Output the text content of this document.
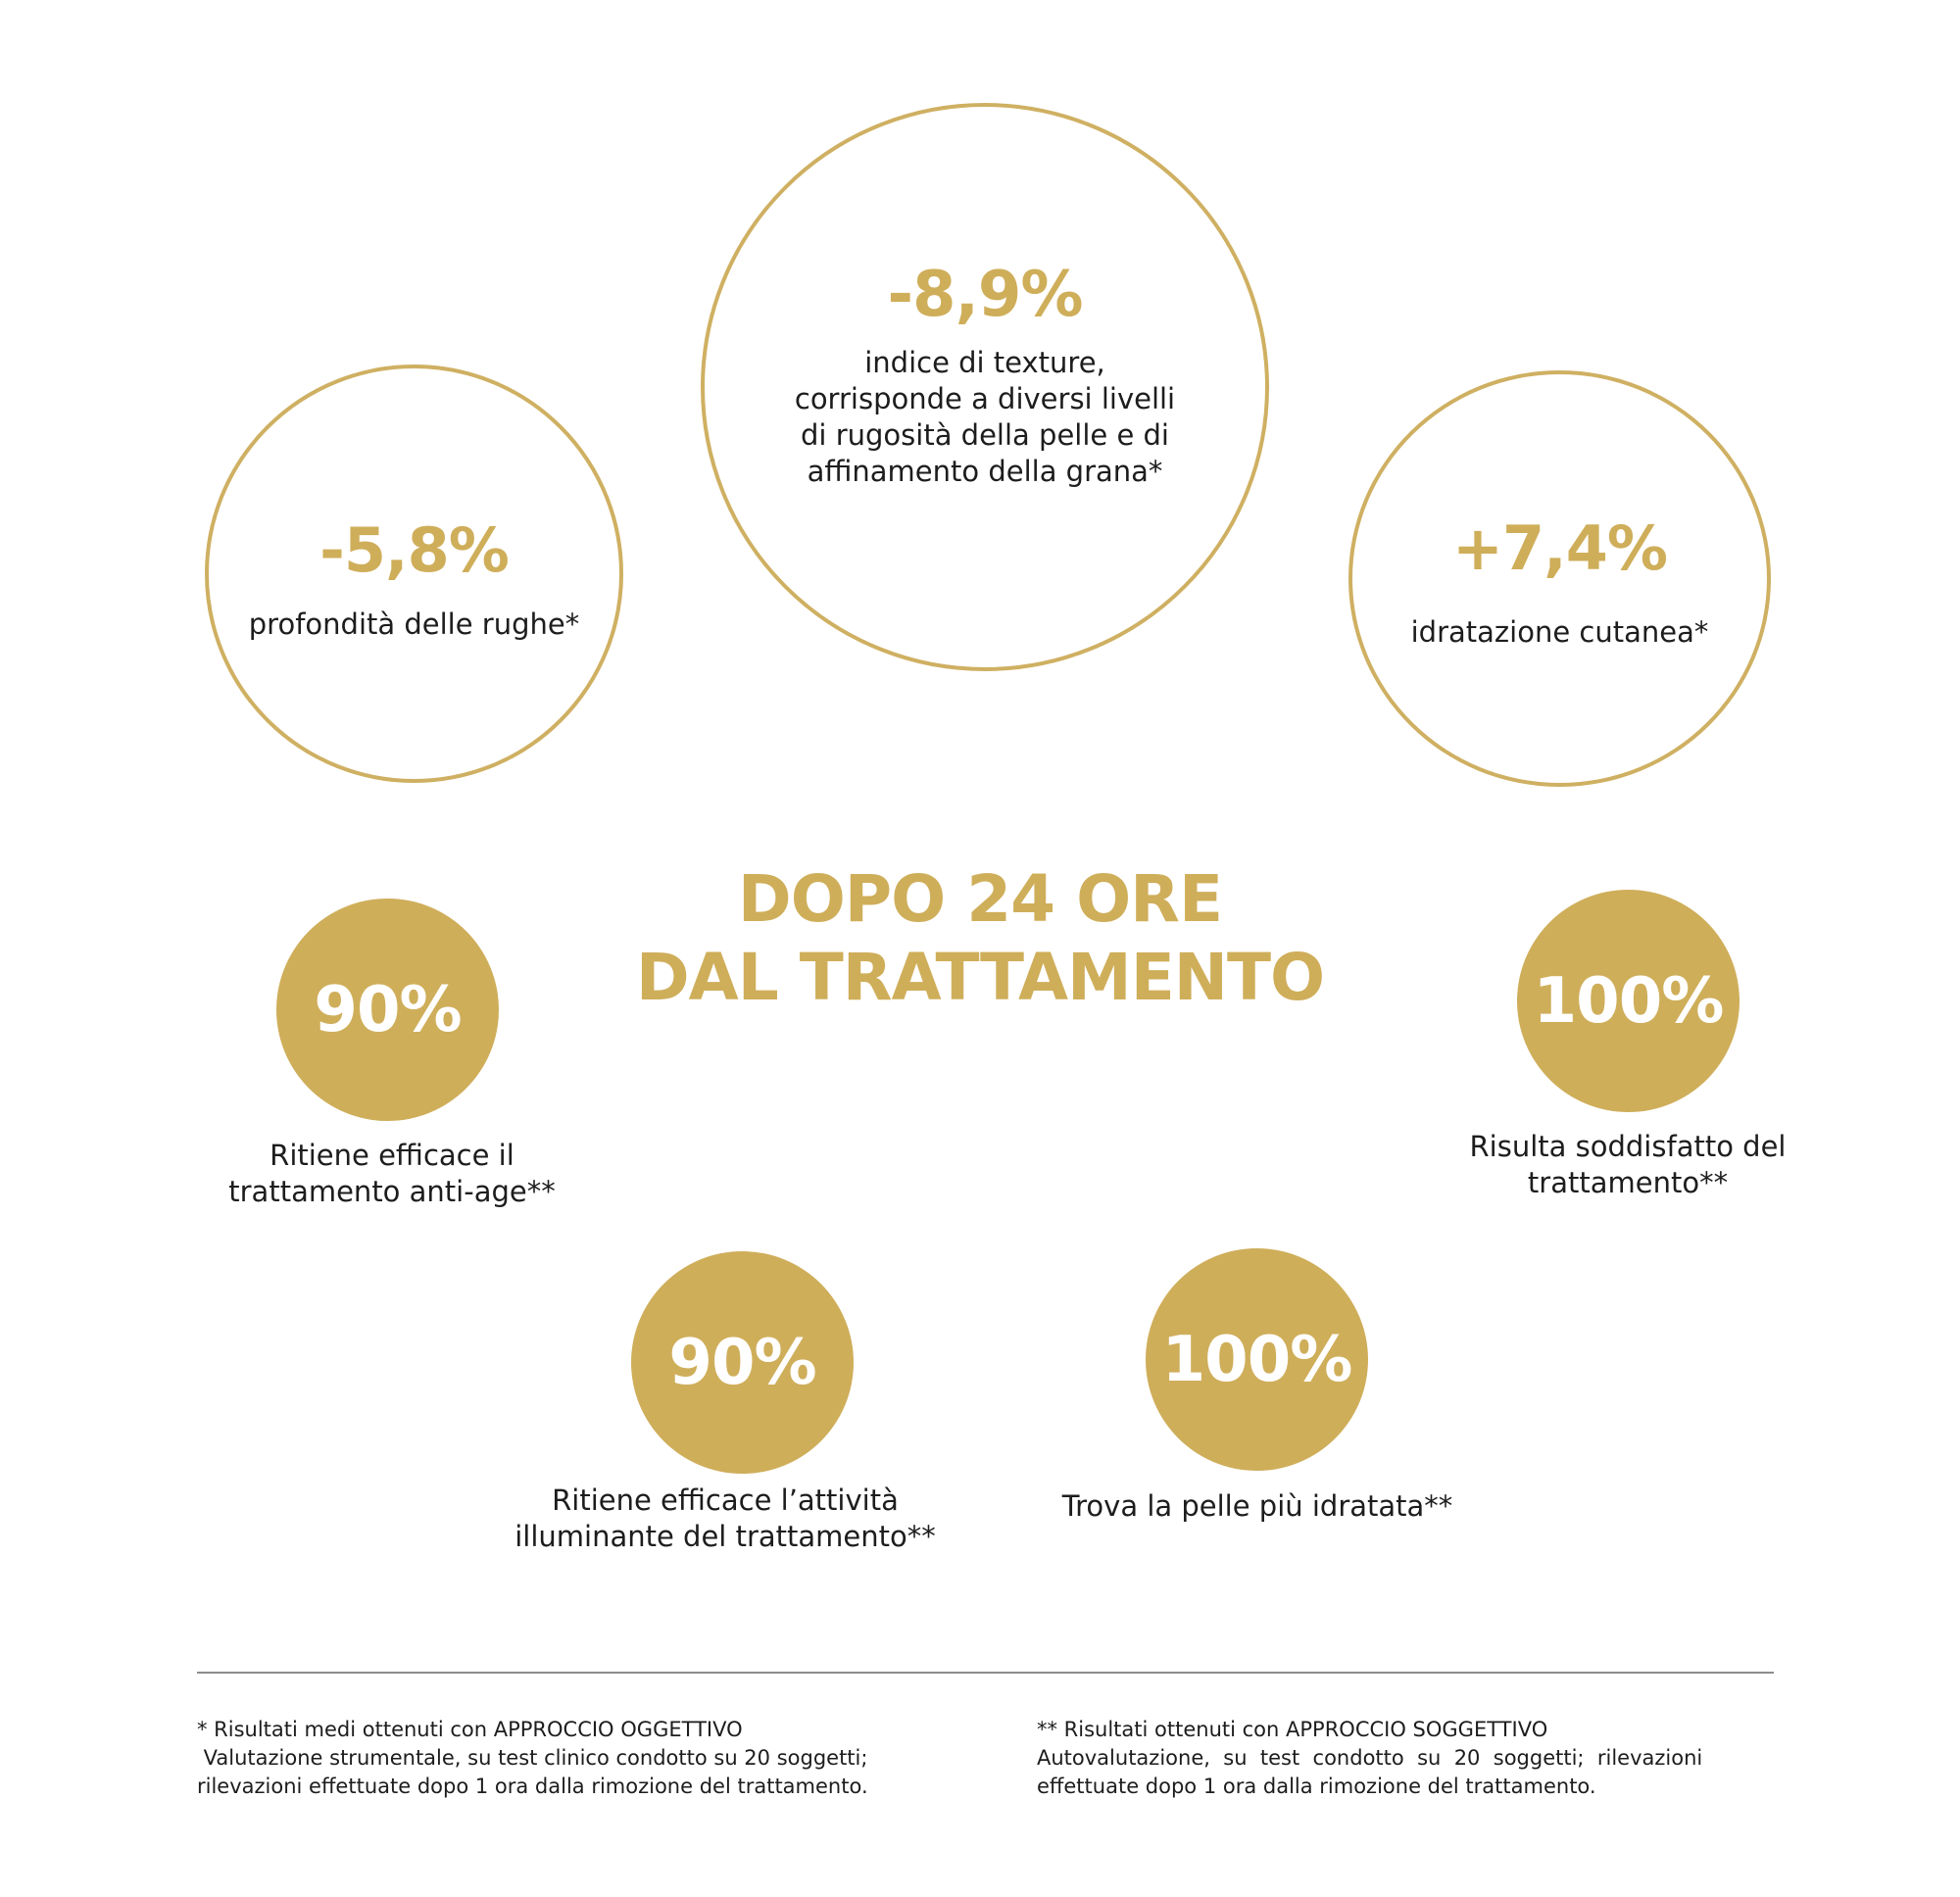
-5,8%
profondità delle rughe*
-8,9%
indice di texture,
corrisponde a diversi livelli
di rugosità della pelle e di
affinamento della grana*
+7,4%
idratazione cutanea*
DOPO 24 ORE
DAL TRATTAMENTO
90%
Ritiene efficace il
trattamento anti-age**
100%
Risulta soddisfatto del
trattamento**
90%
Ritiene efficace l’attività
illuminante del trattamento**
100%
Trova la pelle più idratata**
* Risultati medi ottenuti con APPROCCIO OGGETTIVO
Valutazione strumentale, su test clinico condotto su 20 soggetti;
rilevazioni effettuate dopo 1 ora dalla rimozione del trattamento.
** Risultati ottenuti con APPROCCIO SOGGETTIVO
Autovalutazione,  su  test  condotto  su  20  soggetti;  rilevazioni
effettuate dopo 1 ora dalla rimozione del trattamento.
